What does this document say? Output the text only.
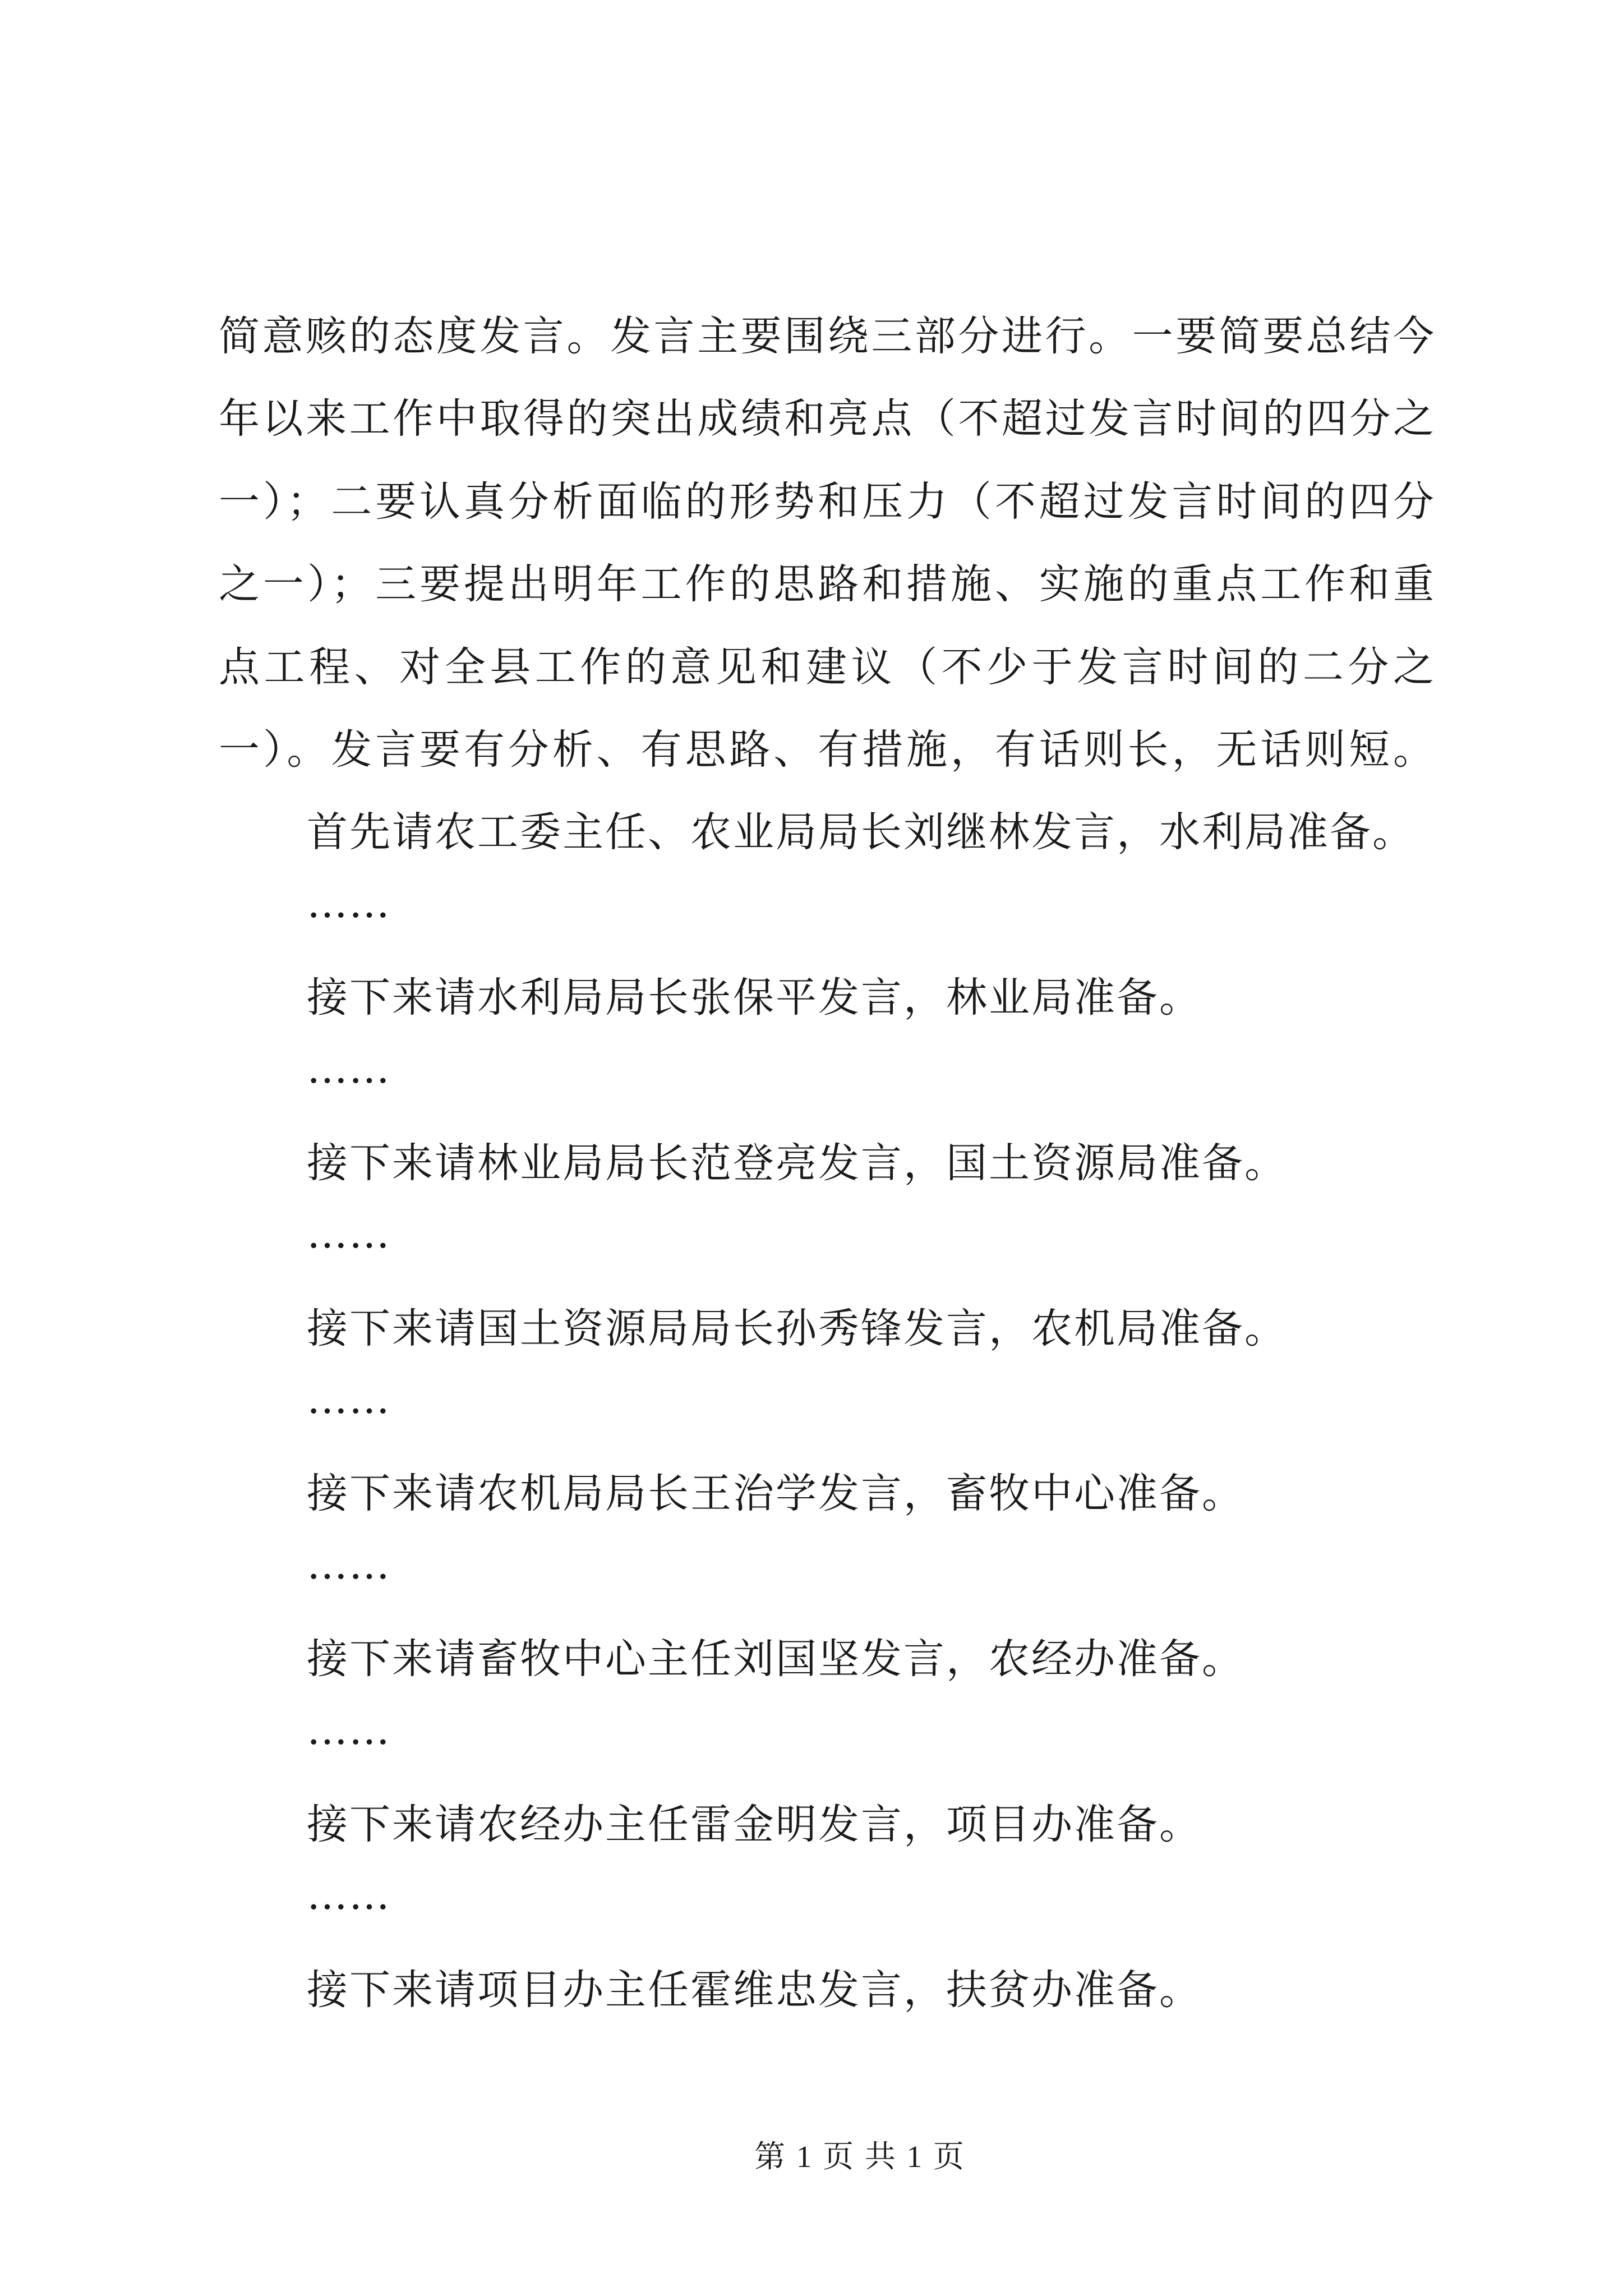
简意赅的态度发言。发言主要围绕三部分进行。一要简要总结今
年以来工作中取得的突出成绩和亮点（不超过发言时间的四分之
一）；二要认真分析面临的形势和压力（不超过发言时间的四分
之一）；三要提出明年工作的思路和措施、实施的重点工作和重
点工程、对全县工作的意见和建议（不少于发言时间的二分之
一）。发言要有分析、有思路、有措施，有话则长，无话则短。
首先请农工委主任、农业局局长刘继林发言，水利局准备。
……
接下来请水利局局长张保平发言，林业局准备。
……
接下来请林业局局长范登亮发言，国土资源局准备。
……
接下来请国土资源局局长孙秀锋发言，农机局准备。
……
接下来请农机局局长王治学发言，畜牧中心准备。
……
接下来请畜牧中心主任刘国坚发言，农经办准备。
……
接下来请农经办主任雷金明发言，项目办准备。
……
接下来请项目办主任霍维忠发言，扶贫办准备。
第 1 页 共 1 页
